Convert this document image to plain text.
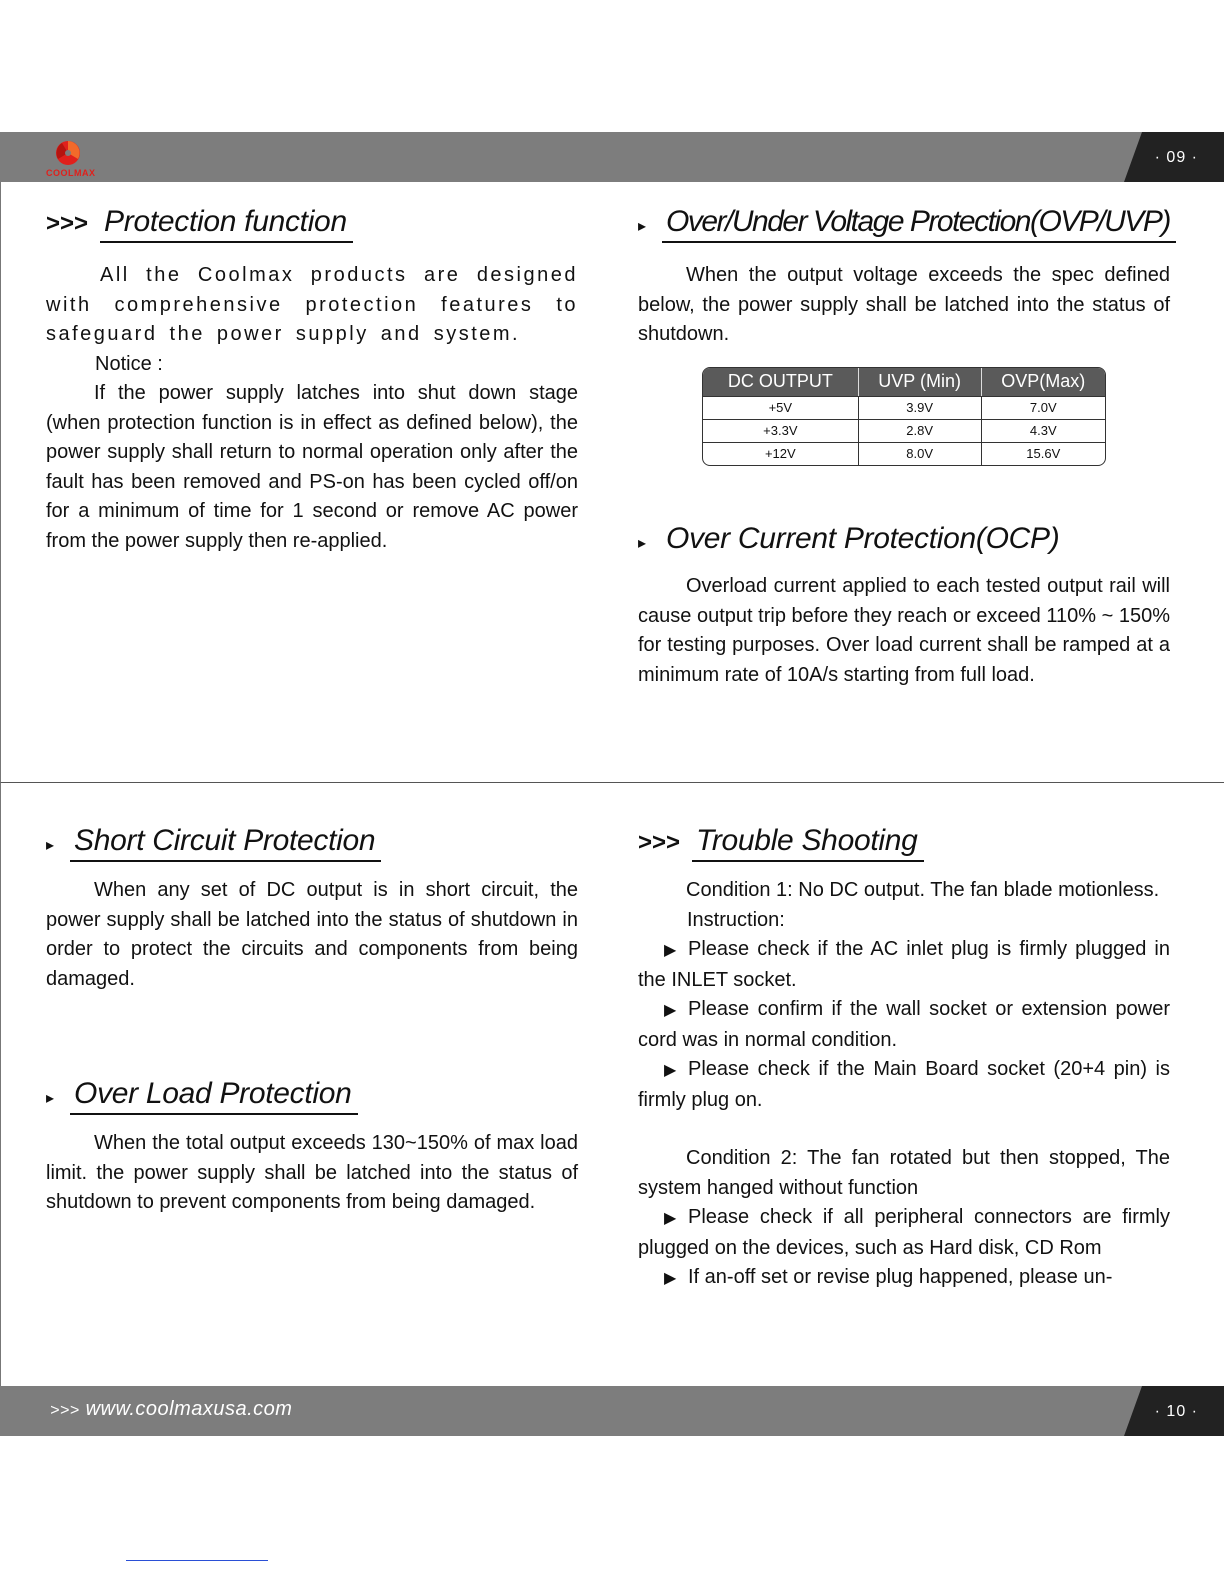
COOLMAX
· 09 ·
>>> Protection function

All the Coolmax products are designed with comprehensive protection features to safeguard the power supply and system.

Notice :

If the power supply latches into shut down stage (when protection function is in effect as defined below), the power supply shall return to normal operation only after the fault has been removed and PS-on has been cycled off/on for a minimum of time for 1 second or remove AC power from the power supply then re-applied.

▸ Over/Under Voltage Protection(OVP/UVP)

When the output voltage exceeds the spec defined below, the power supply shall be latched into the status of shutdown.

DC OUTPUT	UVP (Min)	OVP(Max)
+5V	3.9V	7.0V
+3.3V	2.8V	4.3V
+12V	8.0V	15.6V
▸ Over Current Protection(OCP)

Overload current applied to each tested output rail will cause output trip before they reach or exceed 110% ~ 150% for testing purposes. Over load current shall be ramped at a minimum rate of 10A/s starting from full load.

▸ Short Circuit Protection

When any set of DC output is in short circuit, the power supply shall be latched into the status of shutdown in order to protect the circuits and components from being damaged.

▸ Over Load Protection

When the total output exceeds 130~150% of max load limit. the power supply shall be latched into the status of shutdown to prevent components from being damaged.

>>> Trouble Shooting

Condition 1: No DC output. The fan blade motionless.

Instruction:

▶ Please check if the AC inlet plug is firmly plugged in the INLET socket.

▶ Please confirm if the wall socket or extension power cord was in normal condition.

▶ Please check if the Main Board socket (20+4 pin) is firmly plug on.

Condition 2: The fan rotated but then stopped, The system hanged without function

▶ Please check if all peripheral connectors are firmly plugged on the devices, such as Hard disk, CD Rom

▶ If an-off set or revise plug happened, please un-

>>> www.coolmaxusa.com	· 10 ·
